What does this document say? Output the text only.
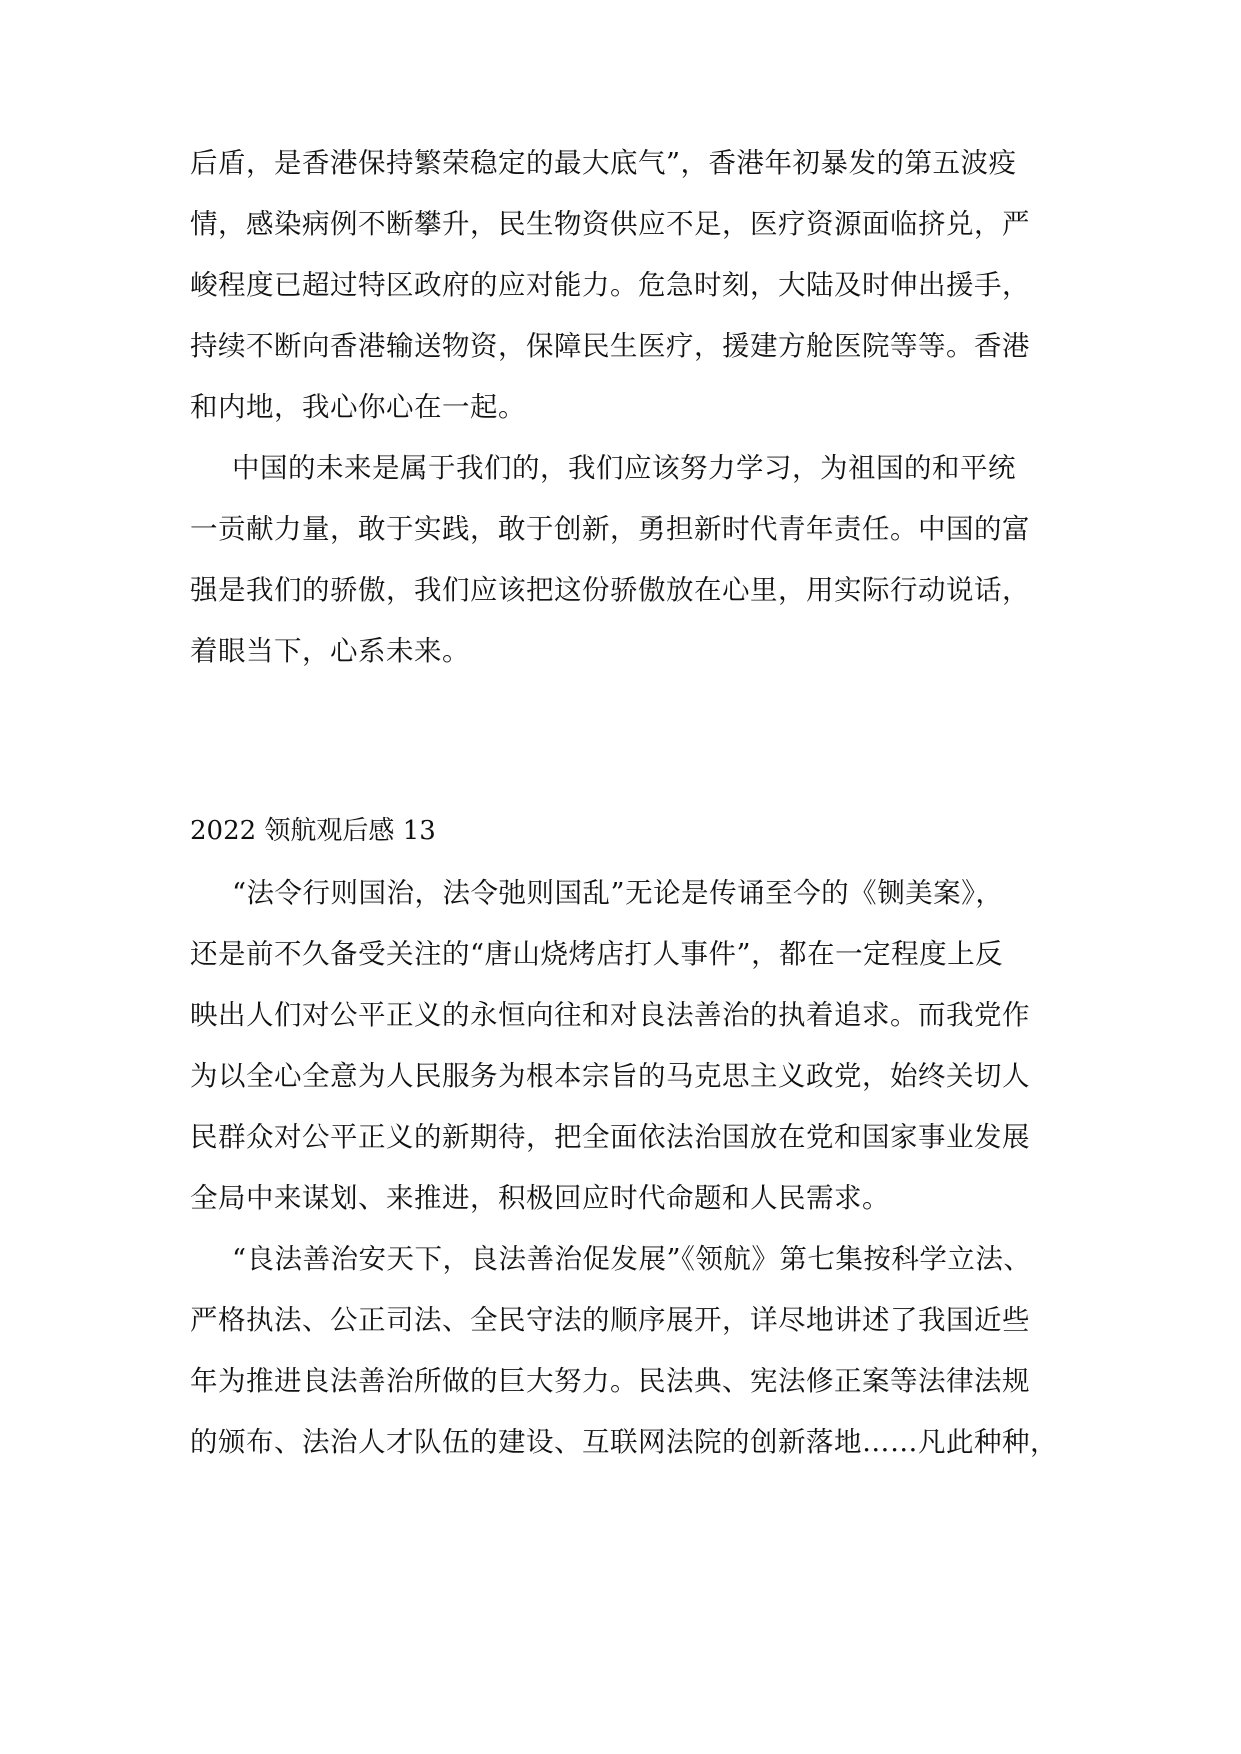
后盾，是香港保持繁荣稳定的最大底气”，香港年初暴发的第五波疫
情，感染病例不断攀升，民生物资供应不足，医疗资源面临挤兑，严
峻程度已超过特区政府的应对能力。危急时刻，大陆及时伸出援手，
持续不断向香港输送物资，保障民生医疗，援建方舱医院等等。香港
和内地，我心你心在一起。
中国的未来是属于我们的，我们应该努力学习，为祖国的和平统
一贡献力量，敢于实践，敢于创新，勇担新时代青年责任。中国的富
强是我们的骄傲，我们应该把这份骄傲放在心里，用实际行动说话，
着眼当下，心系未来。
2022 领航观后感 13
“法令行则国治，法令弛则国乱”无论是传诵至今的《铡美案》，
还是前不久备受关注的“唐山烧烤店打人事件”，都在一定程度上反
映出人们对公平正义的永恒向往和对良法善治的执着追求。而我党作
为以全心全意为人民服务为根本宗旨的马克思主义政党，始终关切人
民群众对公平正义的新期待，把全面依法治国放在党和国家事业发展
全局中来谋划、来推进，积极回应时代命题和人民需求。
“良法善治安天下，良法善治促发展”《领航》第七集按科学立法、
严格执法、公正司法、全民守法的顺序展开，详尽地讲述了我国近些
年为推进良法善治所做的巨大努力。民法典、宪法修正案等法律法规
的颁布、法治人才队伍的建设、互联网法院的创新落地……凡此种种，
